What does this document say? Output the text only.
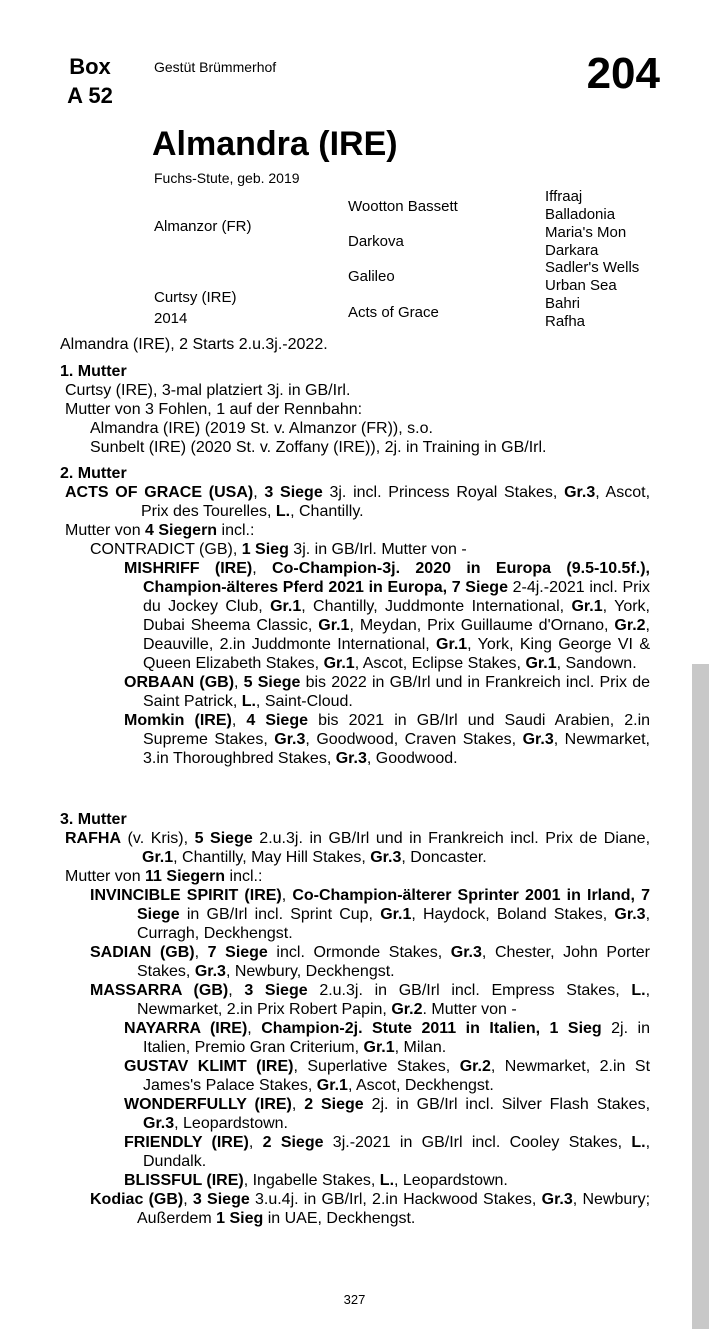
Box
A 52
Gestüt Brümmerhof	204
Almandra (IRE)
Fuchs-Stute, geb. 2019
Almanzor (FR)
Curtsy (IRE)
2014
Wootton Bassett
Darkova
Galileo
Acts of Grace
Iffraaj
Balladonia
Maria's Mon
Darkara
Sadler's Wells
Urban Sea
Bahri
Rafha
Almandra (IRE), 2 Starts 2.u.3j.-2022.
1. Mutter
Curtsy (IRE), 3-mal platziert 3j. in GB/Irl.
Mutter von 3 Fohlen, 1 auf der Rennbahn:
Almandra (IRE) (2019 St. v. Almanzor (FR)), s.o.
Sunbelt (IRE) (2020 St. v. Zoffany (IRE)), 2j. in Training in GB/Irl.
2. Mutter
ACTS OF GRACE (USA), 3 Siege 3j. incl. Princess Royal Stakes, Gr.3, Ascot, Prix des Tourelles, L., Chantilly.
Mutter von 4 Siegern incl.:
CONTRADICT (GB), 1 Sieg 3j. in GB/Irl. Mutter von -
MISHRIFF (IRE), Co-Champion-3j. 2020 in Europa (9.5-10.5f.), Champion-älteres Pferd 2021 in Europa, 7 Siege 2-4j.-2021 incl. Prix du Jockey Club, Gr.1, Chantilly, Juddmonte International, Gr.1, York, Dubai Sheema Classic, Gr.1, Meydan, Prix Guillaume d'Ornano, Gr.2, Deauville, 2.in Juddmonte International, Gr.1, York, King George VI & Queen Elizabeth Stakes, Gr.1, Ascot, Eclipse Stakes, Gr.1, Sandown.
ORBAAN (GB), 5 Siege bis 2022 in GB/Irl und in Frankreich incl. Prix de Saint Patrick, L., Saint-Cloud.
Momkin (IRE), 4 Siege bis 2021 in GB/Irl und Saudi Arabien, 2.in Supreme Stakes, Gr.3, Goodwood, Craven Stakes, Gr.3, Newmarket, 3.in Thoroughbred Stakes, Gr.3, Goodwood.
3. Mutter
RAFHA (v. Kris), 5 Siege 2.u.3j. in GB/Irl und in Frankreich incl. Prix de Diane, Gr.1, Chantilly, May Hill Stakes, Gr.3, Doncaster.
Mutter von 11 Siegern incl.:
INVINCIBLE SPIRIT (IRE), Co-Champion-älterer Sprinter 2001 in Irland, 7 Siege in GB/Irl incl. Sprint Cup, Gr.1, Haydock, Boland Stakes, Gr.3, Curragh, Deckhengst.
SADIAN (GB), 7 Siege incl. Ormonde Stakes, Gr.3, Chester, John Porter Stakes, Gr.3, Newbury, Deckhengst.
MASSARRA (GB), 3 Siege 2.u.3j. in GB/Irl incl. Empress Stakes, L., Newmarket, 2.in Prix Robert Papin, Gr.2. Mutter von -
NAYARRA (IRE), Champion-2j. Stute 2011 in Italien, 1 Sieg 2j. in Italien, Premio Gran Criterium, Gr.1, Milan.
GUSTAV KLIMT (IRE), Superlative Stakes, Gr.2, Newmarket, 2.in St James's Palace Stakes, Gr.1, Ascot, Deckhengst.
WONDERFULLY (IRE), 2 Siege 2j. in GB/Irl incl. Silver Flash Stakes, Gr.3, Leopardstown.
FRIENDLY (IRE), 2 Siege 3j.-2021 in GB/Irl incl. Cooley Stakes, L., Dundalk.
BLISSFUL (IRE), Ingabelle Stakes, L., Leopardstown.
Kodiac (GB), 3 Siege 3.u.4j. in GB/Irl, 2.in Hackwood Stakes, Gr.3, Newbury; Außerdem 1 Sieg in UAE, Deckhengst.
327
